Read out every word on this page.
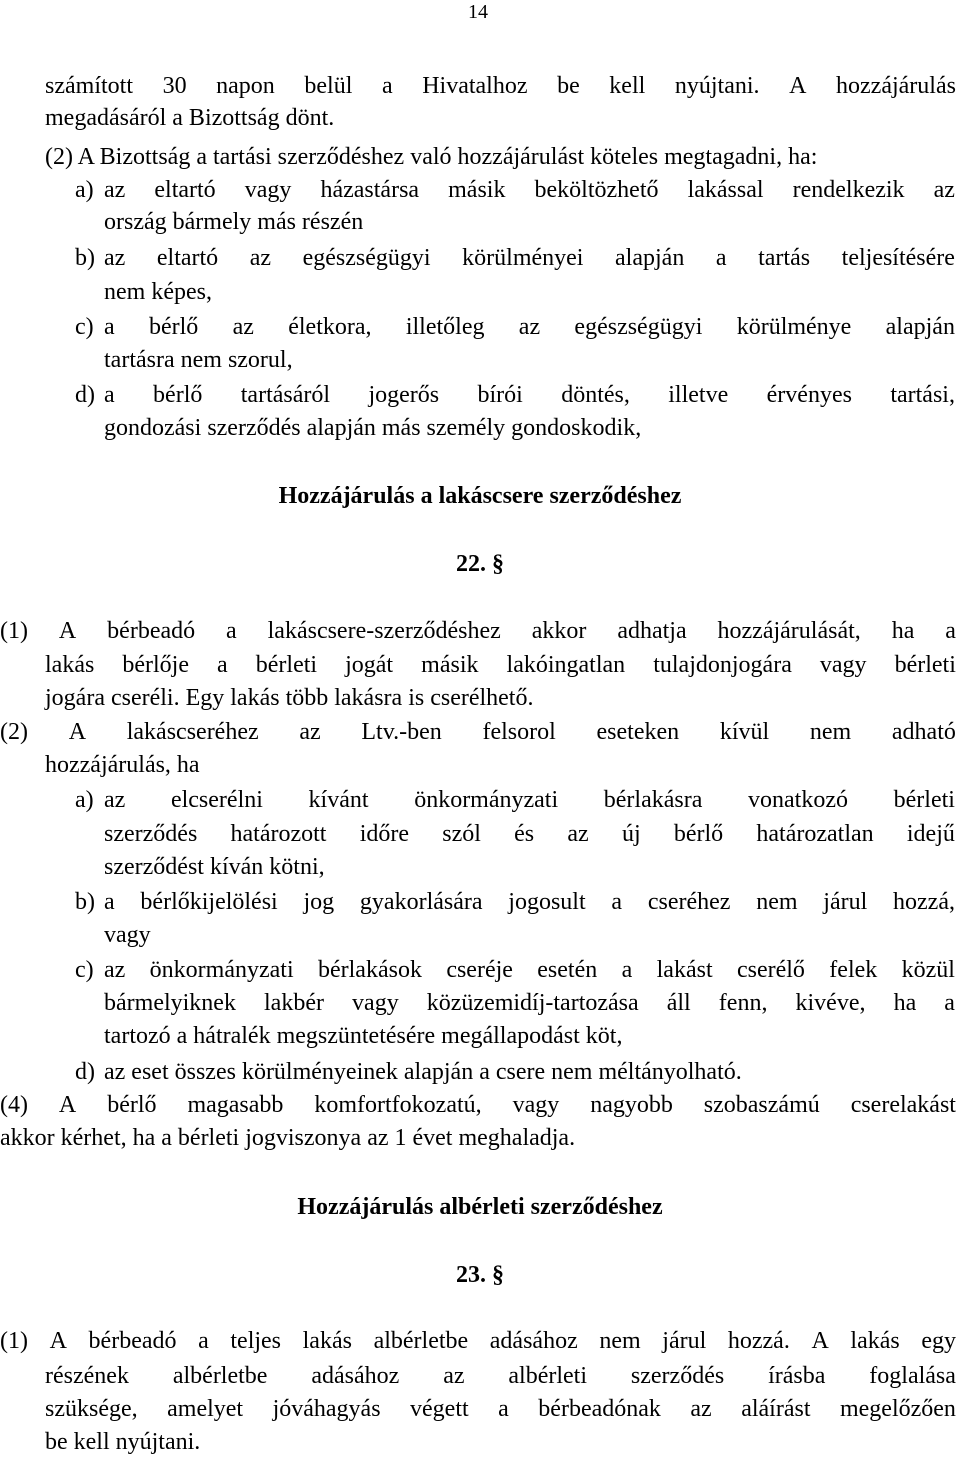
14
számított 30 napon belül a Hivatalhoz be kell nyújtani. A hozzájárulás
megadásáról a Bizottság dönt.
(2) A Bizottság a tartási szerződéshez való hozzájárulást köteles megtagadni, ha:
a) az eltartó vagy házastársa másik beköltözhető lakással rendelkezik az
ország bármely más részén
b) az eltartó az egészségügyi körülményei alapján a tartás teljesítésére
nem képes,
c) a bérlő az életkora, illetőleg az egészségügyi körülménye alapján
tartásra nem szorul,
d) a bérlő tartásáról jogerős bírói döntés, illetve érvényes tartási,
gondozási szerződés alapján más személy gondoskodik,
Hozzájárulás a lakáscsere szerződéshez
22. §
(1) A bérbeadó a lakáscsere-szerződéshez akkor adhatja hozzájárulását, ha a
lakás bérlője a bérleti jogát másik lakóingatlan tulajdonjogára vagy bérleti
jogára cseréli. Egy lakás több lakásra is cserélhető.
(2) A lakáscseréhez az Ltv.-ben felsorol eseteken kívül nem adható
hozzájárulás, ha
a) az elcserélni kívánt önkormányzati bérlakásra vonatkozó bérleti
szerződés határozott időre szól és az új bérlő határozatlan idejű
szerződést kíván kötni,
b) a bérlőkijelölési jog gyakorlására jogosult a cseréhez nem járul hozzá,
vagy
c) az önkormányzati bérlakások cseréje esetén a lakást cserélő felek közül
bármelyiknek lakbér vagy közüzemidíj-tartozása áll fenn, kivéve, ha a
tartozó a hátralék megszüntetésére megállapodást köt,
d) az eset összes körülményeinek alapján a csere nem méltányolható.
(4) A bérlő magasabb komfortfokozatú, vagy nagyobb szobaszámú cserelakást
akkor kérhet, ha a bérleti jogviszonya az 1 évet meghaladja.
Hozzájárulás albérleti szerződéshez
23. §
(1) A bérbeadó a teljes lakás albérletbe adásához nem járul hozzá. A lakás egy
részének albérletbe adásához az albérleti szerződés írásba foglalása
szüksége, amelyet jóváhagyás végett a bérbeadónak az aláírást megelőzően
be kell nyújtani.
